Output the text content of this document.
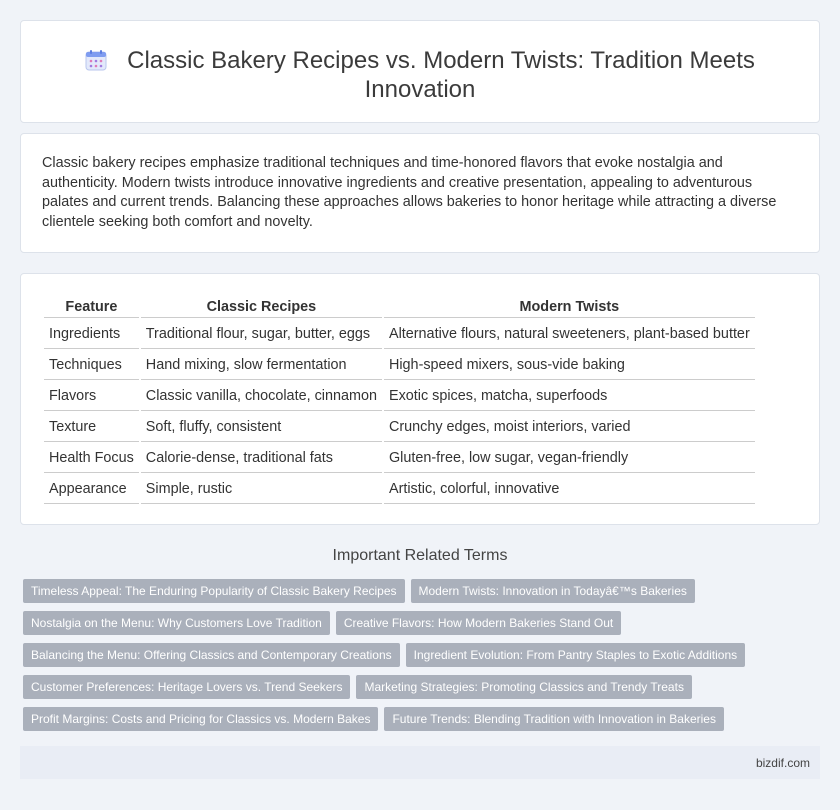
Classic Bakery Recipes vs. Modern Twists: Tradition Meets
Innovation

Classic bakery recipes emphasize traditional techniques and time-honored flavors that evoke nostalgia and authenticity. Modern twists introduce innovative ingredients and creative presentation, appealing to adventurous palates and current trends. Balancing these approaches allows bakeries to honor heritage while attracting a diverse clientele seeking both comfort and novelty.

Feature	Classic Recipes	Modern Twists
Ingredients	Traditional flour, sugar, butter, eggs	Alternative flours, natural sweeteners, plant-based butter
Techniques	Hand mixing, slow fermentation	High-speed mixers, sous-vide baking
Flavors	Classic vanilla, chocolate, cinnamon	Exotic spices, matcha, superfoods
Texture	Soft, fluffy, consistent	Crunchy edges, moist interiors, varied
Health Focus	Calorie-dense, traditional fats	Gluten-free, low sugar, vegan-friendly
Appearance	Simple, rustic	Artistic, colorful, innovative
Important Related Terms
Timeless Appeal: The Enduring Popularity of Classic Bakery Recipes Modern Twists: Innovation in Todayâ€™s Bakeries
Nostalgia on the Menu: Why Customers Love Tradition Creative Flavors: How Modern Bakeries Stand Out
Balancing the Menu: Offering Classics and Contemporary Creations Ingredient Evolution: From Pantry Staples to Exotic Additions
Customer Preferences: Heritage Lovers vs. Trend Seekers Marketing Strategies: Promoting Classics and Trendy Treats
Profit Margins: Costs and Pricing for Classics vs. Modern Bakes Future Trends: Blending Tradition with Innovation in Bakeries
bizdif.com
